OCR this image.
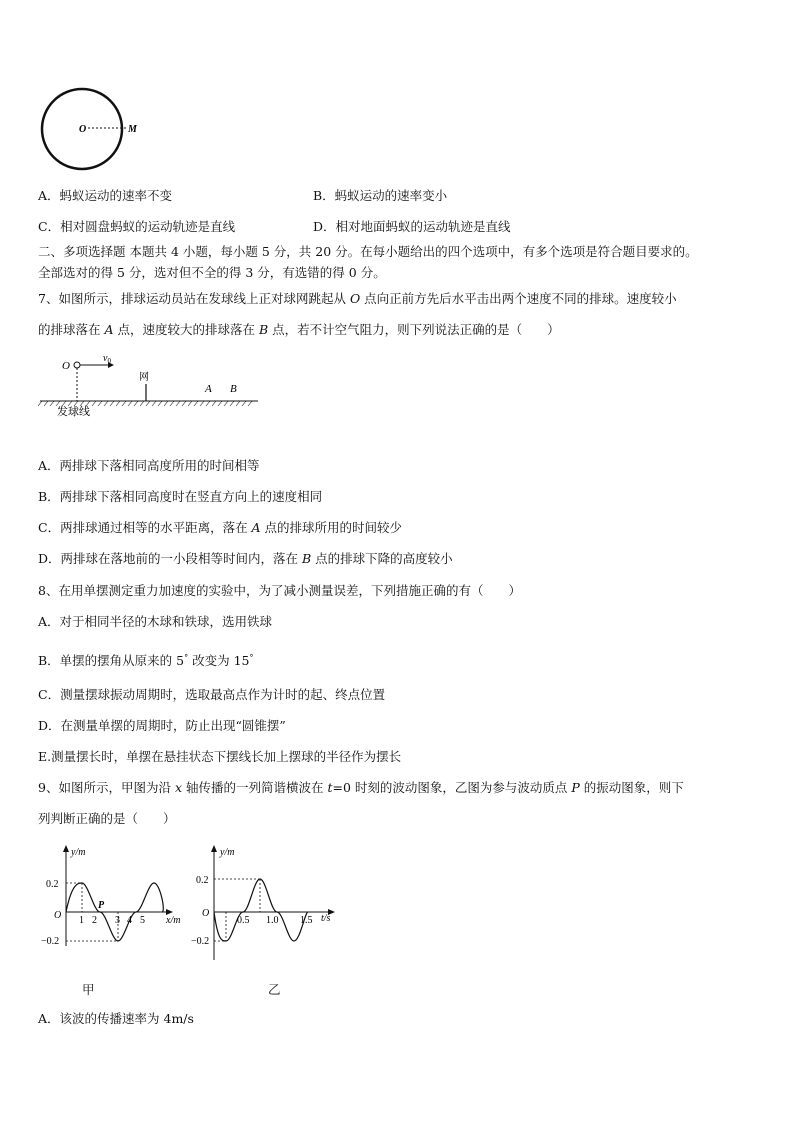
O	M
A．蚂蚁运动的速率不变	B．蚂蚁运动的速率变小
C．相对圆盘蚂蚁的运动轨迹是直线	D．相对地面蚂蚁的运动轨迹是直线
二、多项选择题 本题共 4 小题，每小题 5 分，共 20 分。在每小题给出的四个选项中，有多个选项是符合题目要求的。
全部选对的得 5 分，选对但不全的得 3 分，有选错的得 0 分。
7、如图所示，排球运动员站在发球线上正对球网跳起从 O 点向正前方先后水平击出两个速度不同的排球。速度较小
的排球落在 A 点，速度较大的排球落在 B 点，若不计空气阻力，则下列说法正确的是（　　）
O
$v_0$
网
A B
发球线
A．两排球下落相同高度所用的时间相等
B．两排球下落相同高度时在竖直方向上的速度相同
C．两排球通过相等的水平距离，落在 A 点的排球所用的时间较少
D．两排球在落地前的一小段相等时间内，落在 B 点的排球下降的高度较小
8、在用单摆测定重力加速度的实验中，为了减小测量误差，下列措施正确的有（　　）
A．对于相同半径的木球和铁球，选用铁球
B．单摆的摆角从原来的 5° 改变为 15°
C．测量摆球振动周期时，选取最高点作为计时的起、终点位置
D．在测量单摆的周期时，防止出现“圆锥摆”
E.测量摆长时，单摆在悬挂状态下摆线长加上摆球的半径作为摆长
9、如图所示，甲图为沿 x 轴传播的一列简谐横波在 t=0 时刻的波动图象，乙图为参与波动质点 P 的振动图象，则下
列判断正确的是（　　）
y/m
x/m
O
0.2
−0.2
P
1 2 3 4 5
甲
y/m
t/s
O
0.2
−0.2
0.5 1.0 1.5
乙
A．该波的传播速率为 4m/s
